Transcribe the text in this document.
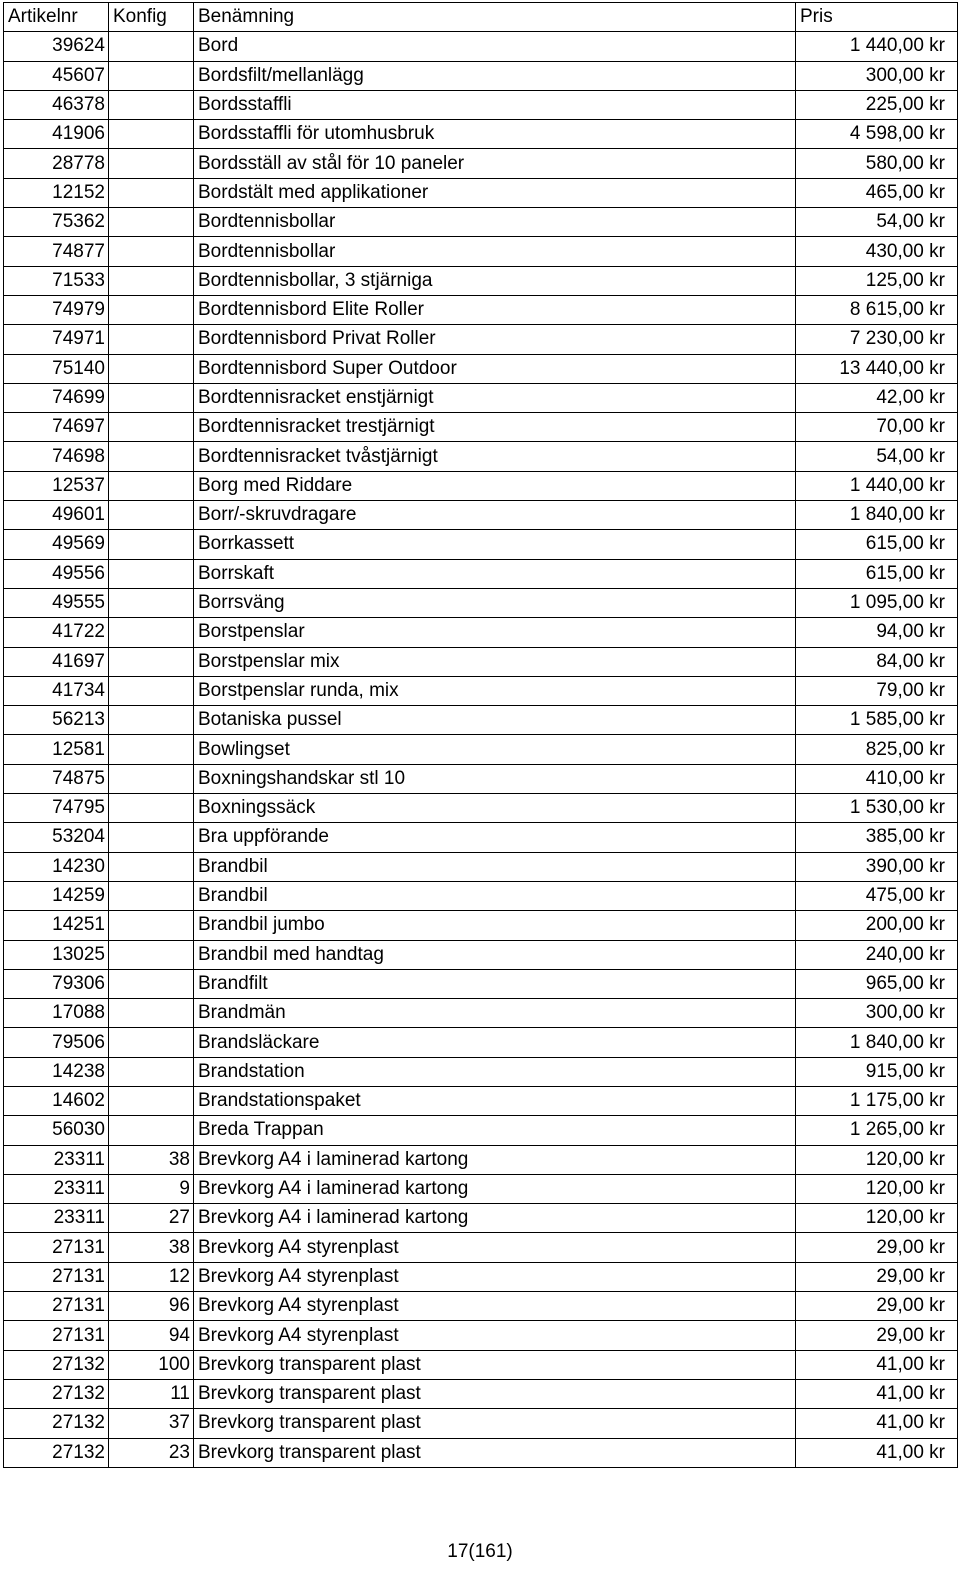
Artikelnr	Konfig	Benämning	Pris
39624		Bord	1 440,00 kr
45607		Bordsfilt/mellanlägg	300,00 kr
46378		Bordsstaffli	225,00 kr
41906		Bordsstaffli för utomhusbruk	4 598,00 kr
28778		Bordsställ av stål för 10 paneler	580,00 kr
12152		Bordstält med applikationer	465,00 kr
75362		Bordtennisbollar	54,00 kr
74877		Bordtennisbollar	430,00 kr
71533		Bordtennisbollar, 3 stjärniga	125,00 kr
74979		Bordtennisbord Elite Roller	8 615,00 kr
74971		Bordtennisbord Privat Roller	7 230,00 kr
75140		Bordtennisbord Super Outdoor	13 440,00 kr
74699		Bordtennisracket enstjärnigt	42,00 kr
74697		Bordtennisracket trestjärnigt	70,00 kr
74698		Bordtennisracket tvåstjärnigt	54,00 kr
12537		Borg med Riddare	1 440,00 kr
49601		Borr/-skruvdragare	1 840,00 kr
49569		Borrkassett	615,00 kr
49556		Borrskaft	615,00 kr
49555		Borrsväng	1 095,00 kr
41722		Borstpenslar	94,00 kr
41697		Borstpenslar mix	84,00 kr
41734		Borstpenslar runda, mix	79,00 kr
56213		Botaniska pussel	1 585,00 kr
12581		Bowlingset	825,00 kr
74875		Boxningshandskar stl 10	410,00 kr
74795		Boxningssäck	1 530,00 kr
53204		Bra uppförande	385,00 kr
14230		Brandbil	390,00 kr
14259		Brandbil	475,00 kr
14251		Brandbil jumbo	200,00 kr
13025		Brandbil med handtag	240,00 kr
79306		Brandfilt	965,00 kr
17088		Brandmän	300,00 kr
79506		Brandsläckare	1 840,00 kr
14238		Brandstation	915,00 kr
14602		Brandstationspaket	1 175,00 kr
56030		Breda Trappan	1 265,00 kr
23311	38	Brevkorg A4 i laminerad kartong	120,00 kr
23311	9	Brevkorg A4 i laminerad kartong	120,00 kr
23311	27	Brevkorg A4 i laminerad kartong	120,00 kr
27131	38	Brevkorg A4 styrenplast	29,00 kr
27131	12	Brevkorg A4 styrenplast	29,00 kr
27131	96	Brevkorg A4 styrenplast	29,00 kr
27131	94	Brevkorg A4 styrenplast	29,00 kr
27132	100	Brevkorg transparent plast	41,00 kr
27132	11	Brevkorg transparent plast	41,00 kr
27132	37	Brevkorg transparent plast	41,00 kr
27132	23	Brevkorg transparent plast	41,00 kr
17(161)
